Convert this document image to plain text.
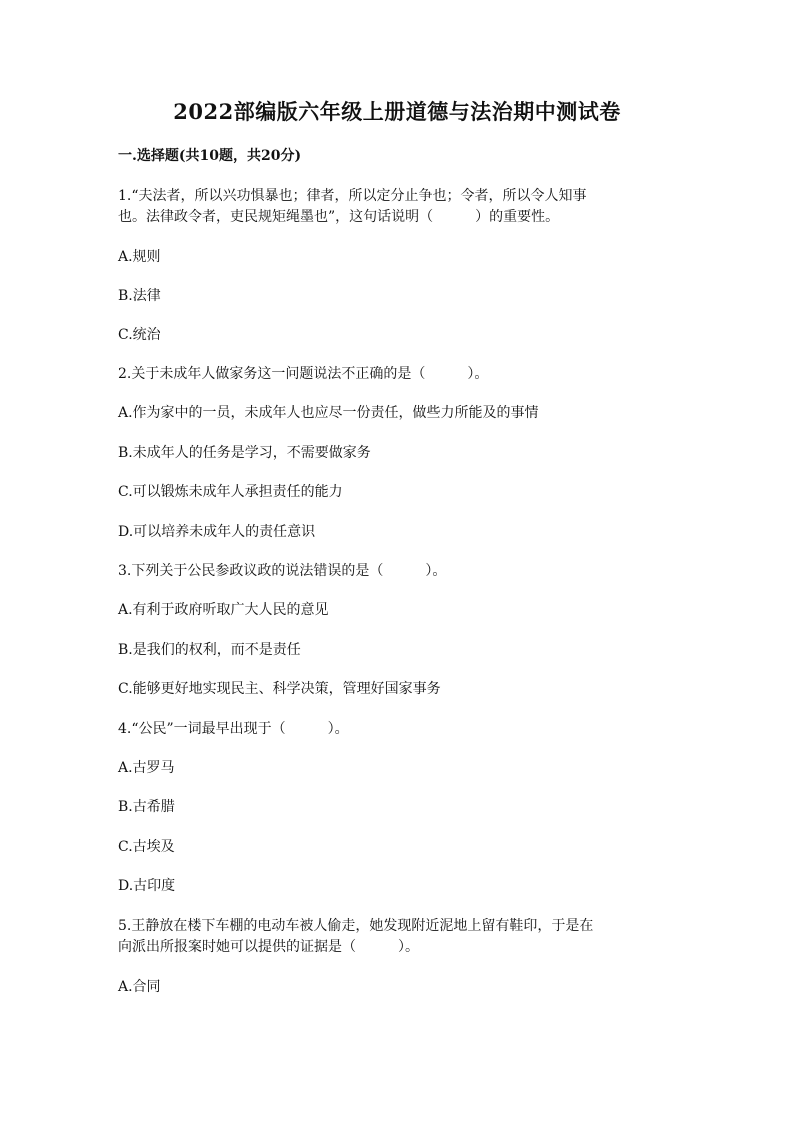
2022部编版六年级上册道德与法治期中测试卷
一.选择题(共10题，共20分)
1.“夫法者，所以兴功惧暴也；律者，所以定分止争也；令者，所以令人知事
也。法律政令者，吏民规矩绳墨也”，这句话说明（　　　）的重要性。
A.规则
B.法律
C.统治
2.关于未成年人做家务这一问题说法不正确的是（　　　）。
A.作为家中的一员，未成年人也应尽一份责任，做些力所能及的事情
B.未成年人的任务是学习，不需要做家务
C.可以锻炼未成年人承担责任的能力
D.可以培养未成年人的责任意识
3.下列关于公民参政议政的说法错误的是（　　　）。
A.有利于政府听取广大人民的意见
B.是我们的权利，而不是责任
C.能够更好地实现民主、科学决策，管理好国家事务
4.“公民”一词最早出现于（　　　）。
A.古罗马
B.古希腊
C.古埃及
D.古印度
5.王静放在楼下车棚的电动车被人偷走，她发现附近泥地上留有鞋印，于是在
向派出所报案时她可以提供的证据是（　　　）。
A.合同
